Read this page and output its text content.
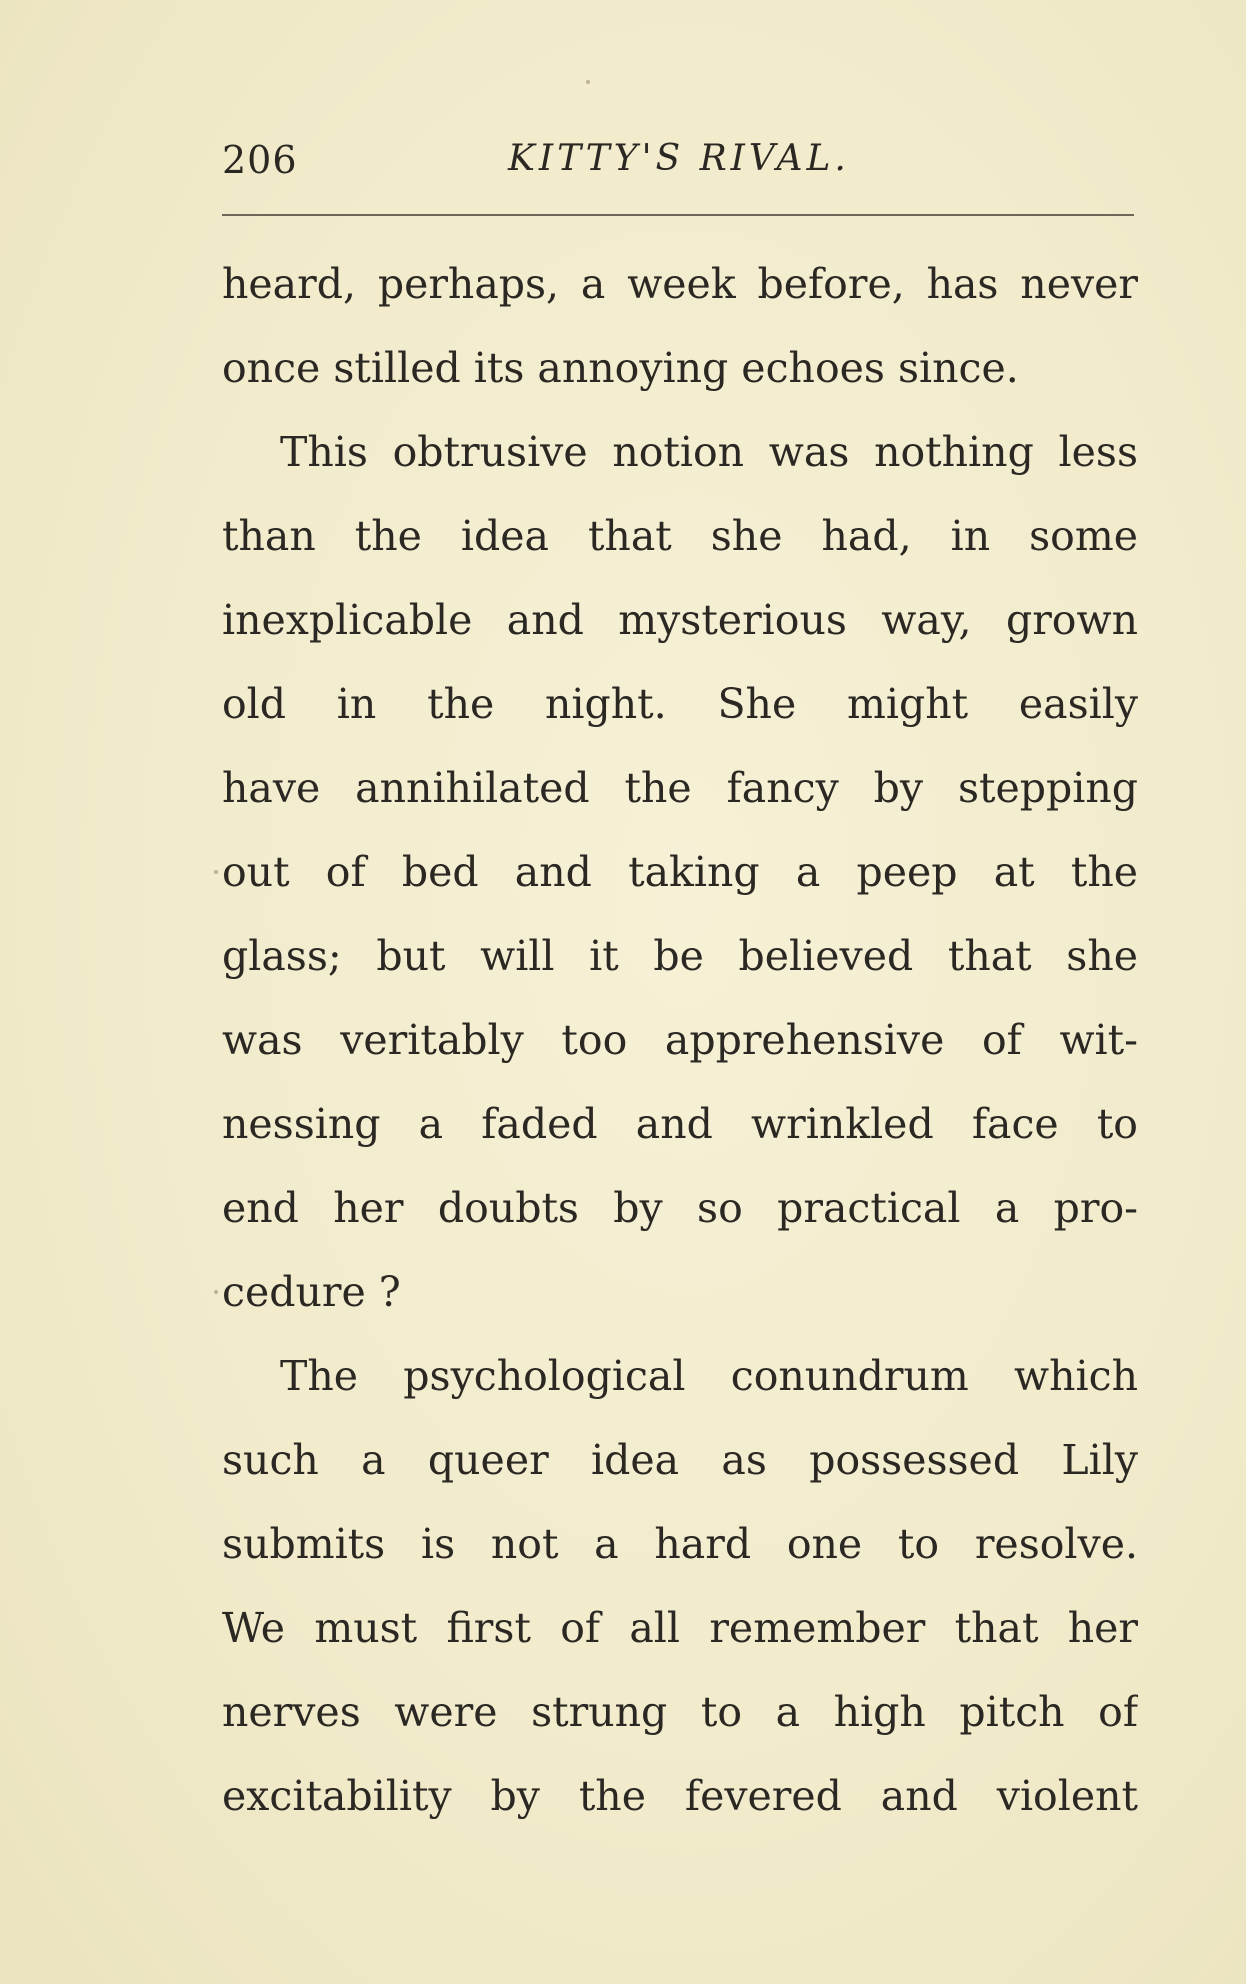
206	KITTY'S RIVAL.
heard, perhaps, a week before, has never
once stilled its annoying echoes since.
This obtrusive notion was nothing less
than the idea that she had, in some
inexplicable and mysterious way, grown
old in the night. She might easily
have annihilated the fancy by stepping
out of bed and taking a peep at the
glass; but will it be believed that she
was veritably too apprehensive of wit-
nessing a faded and wrinkled face to
end her doubts by so practical a pro-
cedure ?
The psychological conundrum which
such a queer idea as possessed Lily
submits is not a hard one to resolve.
We must first of all remember that her
nerves were strung to a high pitch of
excitability by the fevered and violent
